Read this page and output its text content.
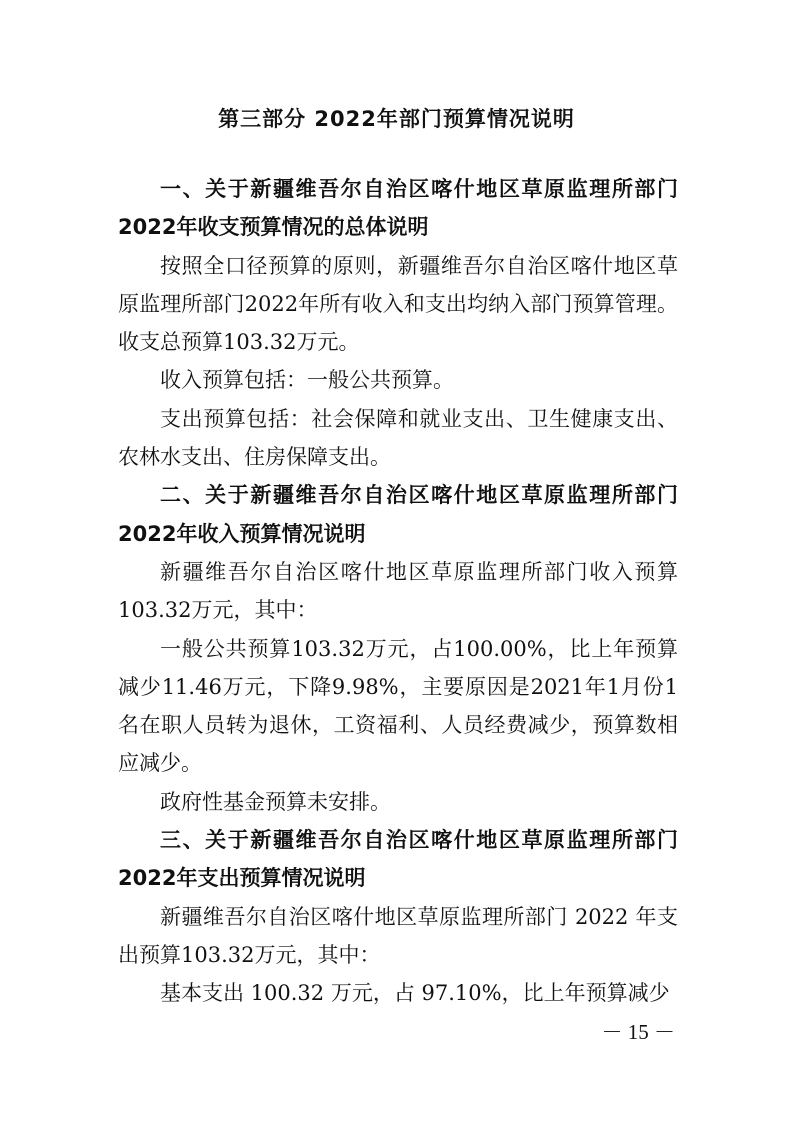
第三部分 2022年部门预算情况说明

一、关于新疆维吾尔自治区喀什地区草原监理所部门2022年收支预算情况的总体说明

按照全口径预算的原则，新疆维吾尔自治区喀什地区草原监理所部门2022年所有收入和支出均纳入部门预算管理。收支总预算103.32万元。

收入预算包括：一般公共预算。

支出预算包括：社会保障和就业支出、卫生健康支出、农林水支出、住房保障支出。

二、关于新疆维吾尔自治区喀什地区草原监理所部门2022年收入预算情况说明

新疆维吾尔自治区喀什地区草原监理所部门收入预算103.32万元，其中：

一般公共预算103.32万元，占100.00%，比上年预算减少11.46万元，下降9.98%，主要原因是2021年1月份1名在职人员转为退休，工资福利、人员经费减少，预算数相应减少。

政府性基金预算未安排。

三、关于新疆维吾尔自治区喀什地区草原监理所部门2022年支出预算情况说明

新疆维吾尔自治区喀什地区草原监理所部门 2022 年支出预算103.32万元，其中：

基本支出 100.32 万元，占 97.10%，比上年预算减少

－ 15 －
